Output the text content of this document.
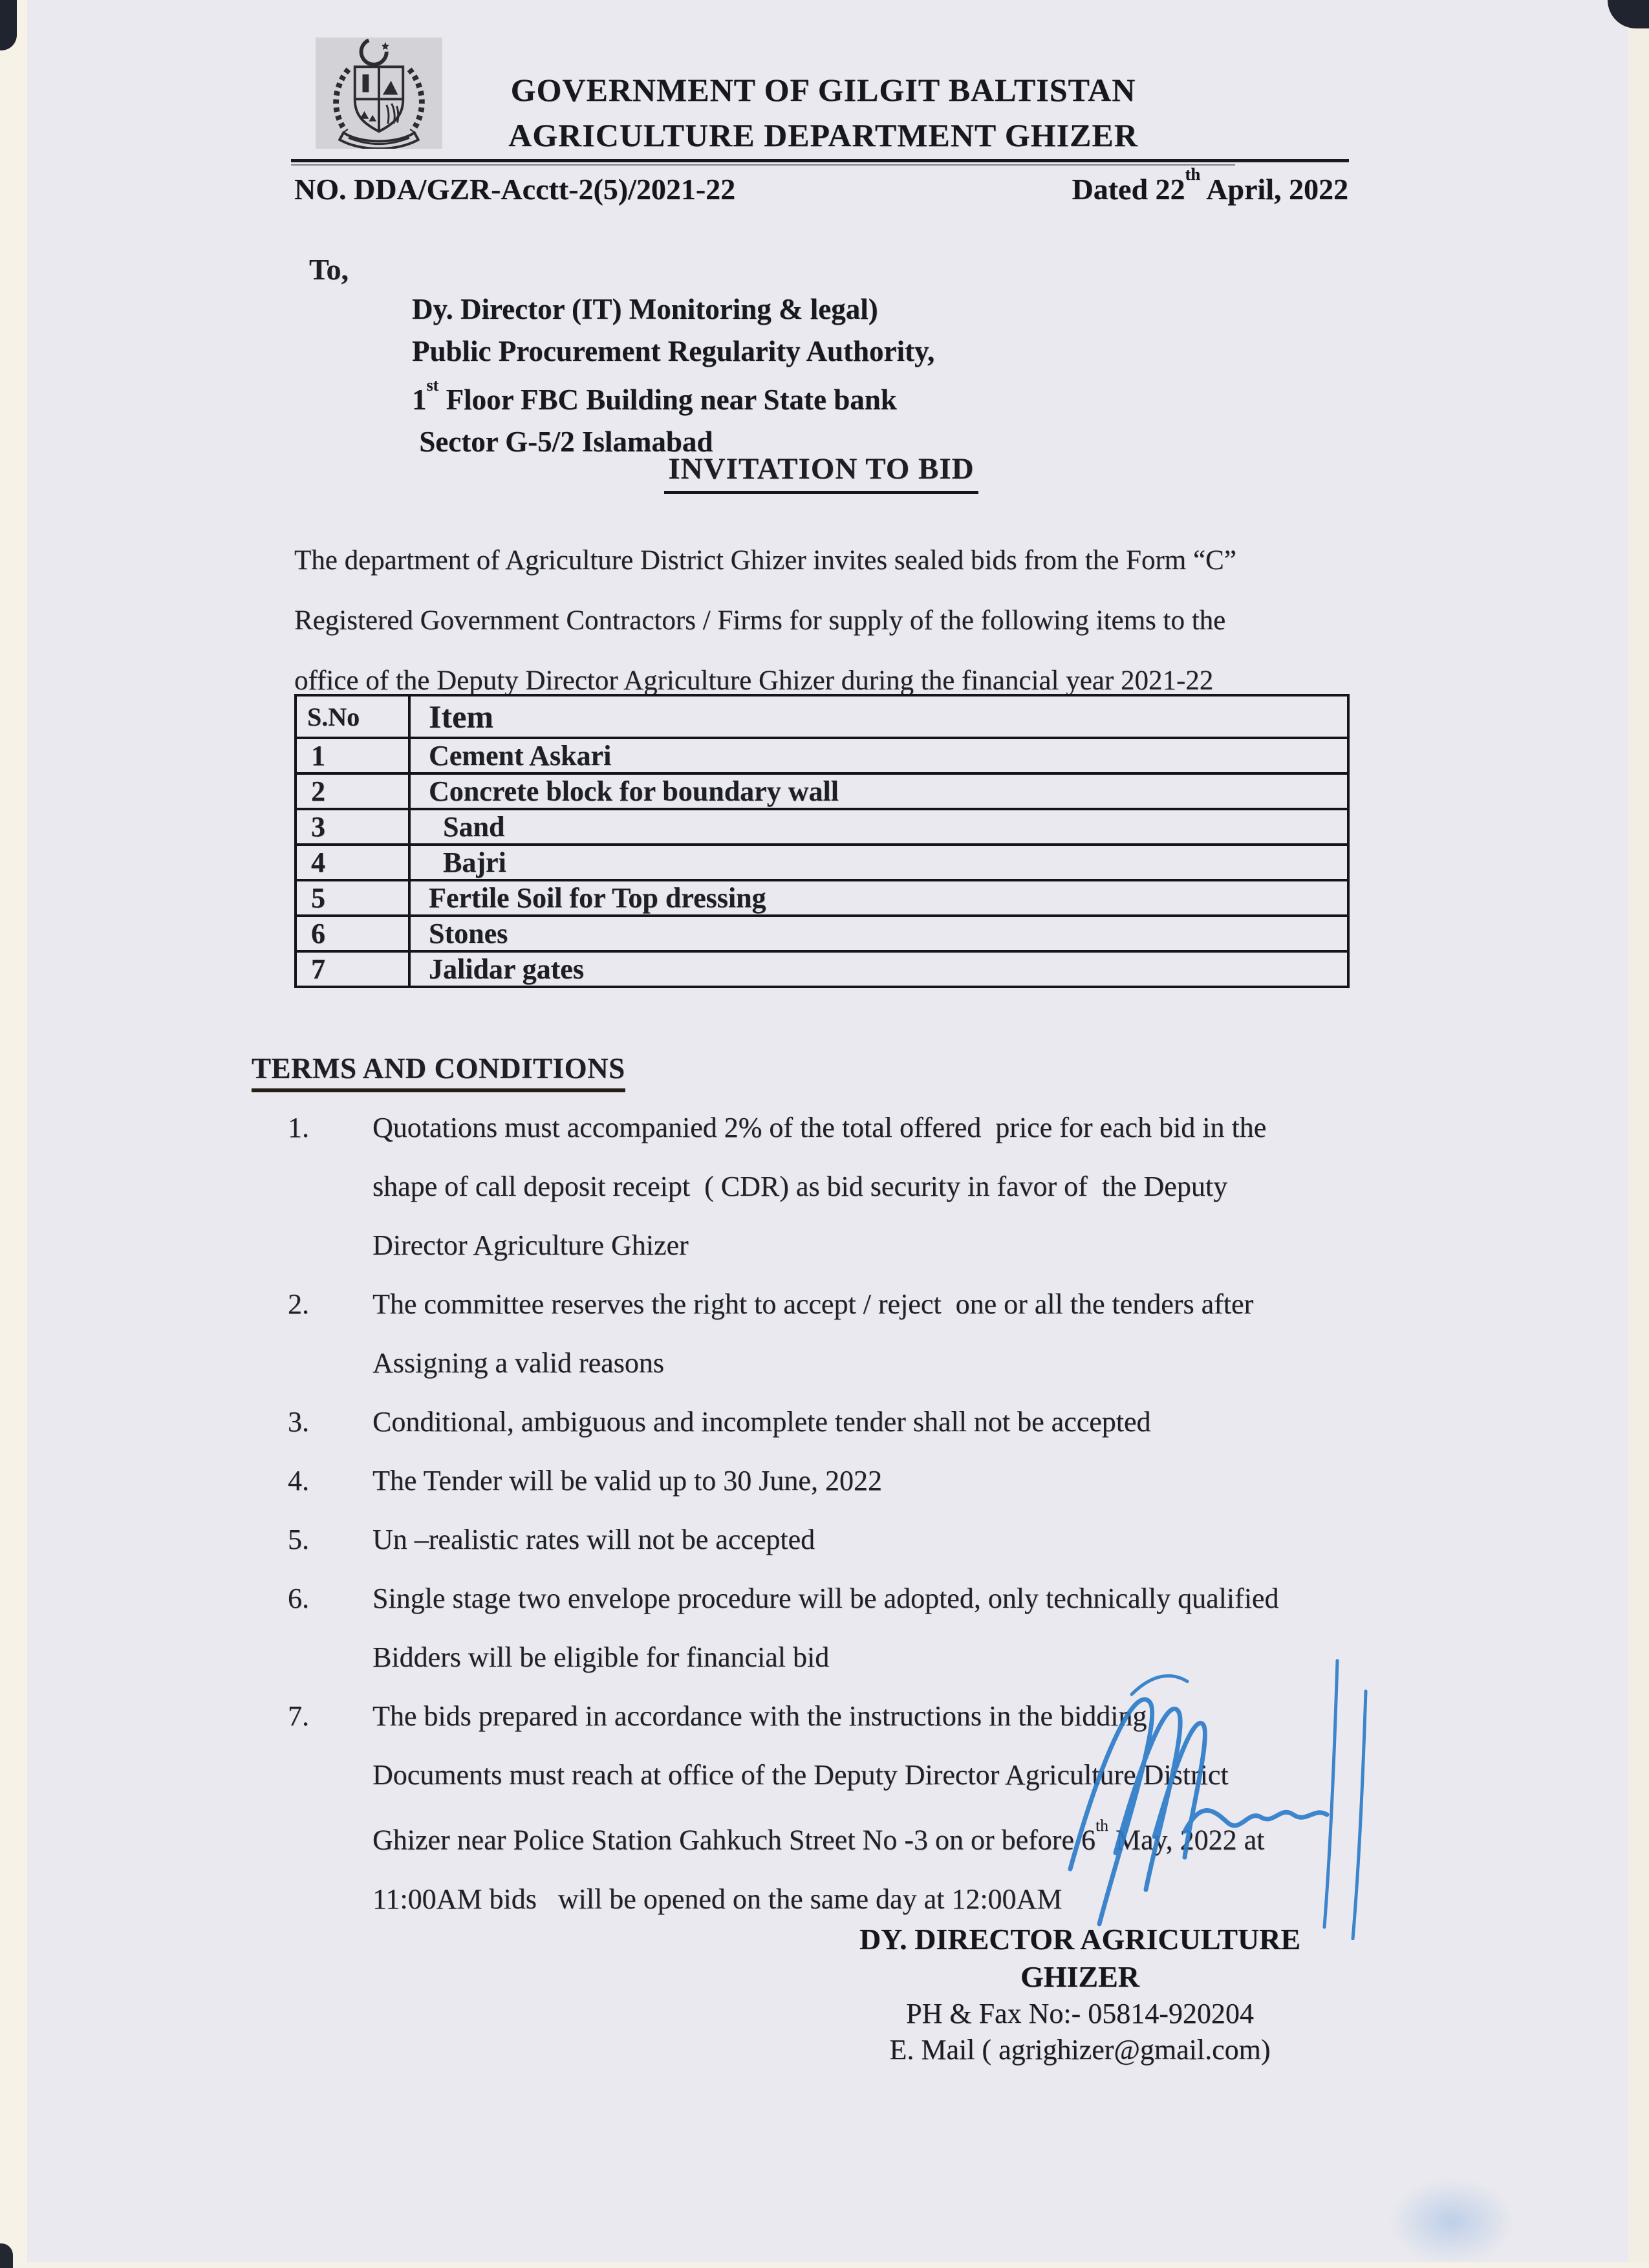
GOVERNMENT OF GILGIT BALTISTAN
AGRICULTURE DEPARTMENT GHIZER
NO. DDA/GZR-Acctt-2(5)/2021-22	Dated 22th April, 2022
To,
Dy. Director (IT) Monitoring & legal)
Public Procurement Regularity Authority,
1st Floor FBC Building near State bank
Sector G-5/2 Islamabad
INVITATION TO BID
The department of Agriculture District Ghizer invites sealed bids from the Form “C”
Registered Government Contractors / Firms for supply of the following items to the
office of the Deputy Director Agriculture Ghizer during the financial year 2021-22
S.No	Item
1	Cement Askari
2	Concrete block for boundary wall
3	Sand
4	Bajri
5	Fertile Soil for Top dressing
6	Stones
7	Jalidar gates
TERMS AND CONDITIONS
1.	Quotations must accompanied 2% of the total offered  price for each bid in the
shape of call deposit receipt  ( CDR) as bid security in favor of  the Deputy
Director Agriculture Ghizer
2.	The committee reserves the right to accept / reject  one or all the tenders after
Assigning a valid reasons
3.	Conditional, ambiguous and incomplete tender shall not be accepted
4.	The Tender will be valid up to 30 June, 2022
5.	Un –realistic rates will not be accepted
6.	Single stage two envelope procedure will be adopted, only technically qualified
Bidders will be eligible for financial bid
7.	The bids prepared in accordance with the instructions in the bidding
Documents must reach at office of the Deputy Director Agriculture District
Ghizer near Police Station Gahkuch Street No -3 on or before 6th May, 2022 at
11:00AM bids   will be opened on the same day at 12:00AM
DY. DIRECTOR AGRICULTURE
GHIZER
PH & Fax No:- 05814-920204
E. Mail ( agrighizer@gmail.com)
